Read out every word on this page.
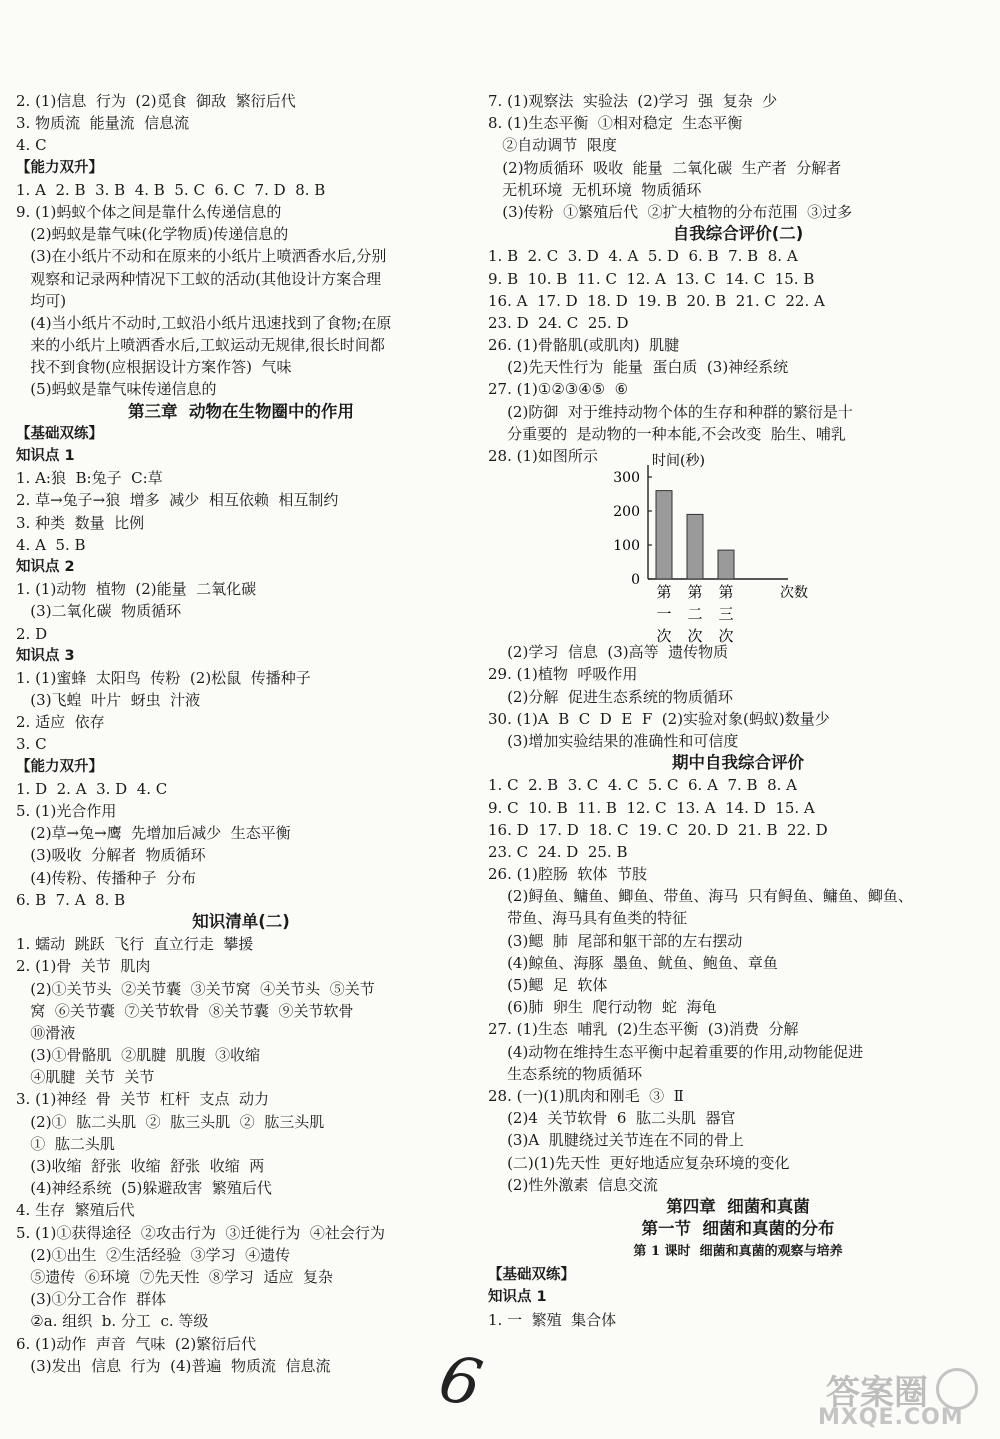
2. (1)信息  行为  (2)觅食  御敌  繁衍后代
3. 物质流  能量流  信息流
4. C
【能力双升】
1. A  2. B  3. B  4. B  5. C  6. C  7. D  8. B
9. (1)蚂蚁个体之间是靠什么传递信息的
(2)蚂蚁是靠气味(化学物质)传递信息的
(3)在小纸片不动和在原来的小纸片上喷洒香水后,分别
观察和记录两种情况下工蚁的活动(其他设计方案合理
均可)
(4)当小纸片不动时,工蚁沿小纸片迅速找到了食物;在原
来的小纸片上喷洒香水后,工蚁运动无规律,很长时间都
找不到食物(应根据设计方案作答)  气味
(5)蚂蚁是靠气味传递信息的
第三章  动物在生物圈中的作用
【基础双练】
知识点 1
1. A:狼  B:兔子  C:草
2. 草→兔子→狼  增多  减少  相互依赖  相互制约
3. 种类  数量  比例
4. A  5. B
知识点 2
1. (1)动物  植物  (2)能量  二氧化碳
(3)二氧化碳  物质循环
2. D
知识点 3
1. (1)蜜蜂  太阳鸟  传粉  (2)松鼠  传播种子
(3)飞蝗  叶片  蚜虫  汁液
2. 适应  依存
3. C
【能力双升】
1. D  2. A  3. D  4. C
5. (1)光合作用
(2)草→兔→鹰  先增加后减少  生态平衡
(3)吸收  分解者  物质循环
(4)传粉、传播种子  分布
6. B  7. A  8. B
知识清单(二)
1. 蠕动  跳跃  飞行  直立行走  攀援
2. (1)骨  关节  肌肉
(2)①关节头  ②关节囊  ③关节窝  ④关节头  ⑤关节
窝  ⑥关节囊  ⑦关节软骨  ⑧关节囊  ⑨关节软骨
⑩滑液
(3)①骨骼肌  ②肌腱  肌腹  ③收缩
④肌腱  关节  关节
3. (1)神经  骨  关节  杠杆  支点  动力
(2)①  肱二头肌  ②  肱三头肌  ②  肱三头肌
①  肱二头肌
(3)收缩  舒张  收缩  舒张  收缩  两
(4)神经系统  (5)躲避敌害  繁殖后代
4. 生存  繁殖后代
5. (1)①获得途径  ②攻击行为  ③迁徙行为  ④社会行为
(2)①出生  ②生活经验  ③学习  ④遗传
⑤遗传  ⑥环境  ⑦先天性  ⑧学习  适应  复杂
(3)①分工合作  群体
②a. 组织  b. 分工  c. 等级
6. (1)动作  声音  气味  (2)繁衍后代
(3)发出  信息  行为  (4)普遍  物质流  信息流
7. (1)观察法  实验法  (2)学习  强  复杂  少
8. (1)生态平衡  ①相对稳定  生态平衡
②自动调节  限度
(2)物质循环  吸收  能量  二氧化碳  生产者  分解者
无机环境  无机环境  物质循环
(3)传粉  ①繁殖后代  ②扩大植物的分布范围  ③过多
自我综合评价(二)
1. B  2. C  3. D  4. A  5. D  6. B  7. B  8. A
9. B  10. B  11. C  12. A  13. C  14. C  15. B
16. A  17. D  18. D  19. B  20. B  21. C  22. A
23. D  24. C  25. D
26. (1)骨骼肌(或肌肉)  肌腱
(2)先天性行为  能量  蛋白质  (3)神经系统
27. (1)①②③④⑤  ⑥
(2)防御  对于维持动物个体的生存和种群的繁衍是十
分重要的  是动物的一种本能,不会改变  胎生、哺乳
28. (1)如图所示
0
100
200
300
时间(秒)
次数
第
一
次
第
二
次
第
三
次
(2)学习  信息  (3)高等  遗传物质
29. (1)植物  呼吸作用
(2)分解  促进生态系统的物质循环
30. (1)A  B  C  D  E  F  (2)实验对象(蚂蚁)数量少
(3)增加实验结果的准确性和可信度
期中自我综合评价
1. C  2. B  3. C  4. C  5. C  6. A  7. B  8. A
9. C  10. B  11. B  12. C  13. A  14. D  15. A
16. D  17. D  18. C  19. C  20. D  21. B  22. D
23. C  24. D  25. B
26. (1)腔肠  软体  节肢
(2)鲟鱼、鳙鱼、鲫鱼、带鱼、海马  只有鲟鱼、鳙鱼、鲫鱼、
带鱼、海马具有鱼类的特征
(3)鳃  肺  尾部和躯干部的左右摆动
(4)鲸鱼、海豚  墨鱼、鱿鱼、鲍鱼、章鱼
(5)鳃  足  软体
(6)肺  卵生  爬行动物  蛇  海龟
27. (1)生态  哺乳  (2)生态平衡  (3)消费  分解
(4)动物在维持生态平衡中起着重要的作用,动物能促进
生态系统的物质循环
28. (一)(1)肌肉和刚毛  ③  Ⅱ
(2)4  关节软骨  6  肱二头肌  器官
(3)A  肌腱绕过关节连在不同的骨上
(二)(1)先天性  更好地适应复杂环境的变化
(2)性外激素  信息交流
第四章  细菌和真菌
第一节  细菌和真菌的分布
第 1 课时  细菌和真菌的观察与培养
【基础双练】
知识点 1
1. 一  繁殖  集合体
6	答案圈
MXQE.COM
